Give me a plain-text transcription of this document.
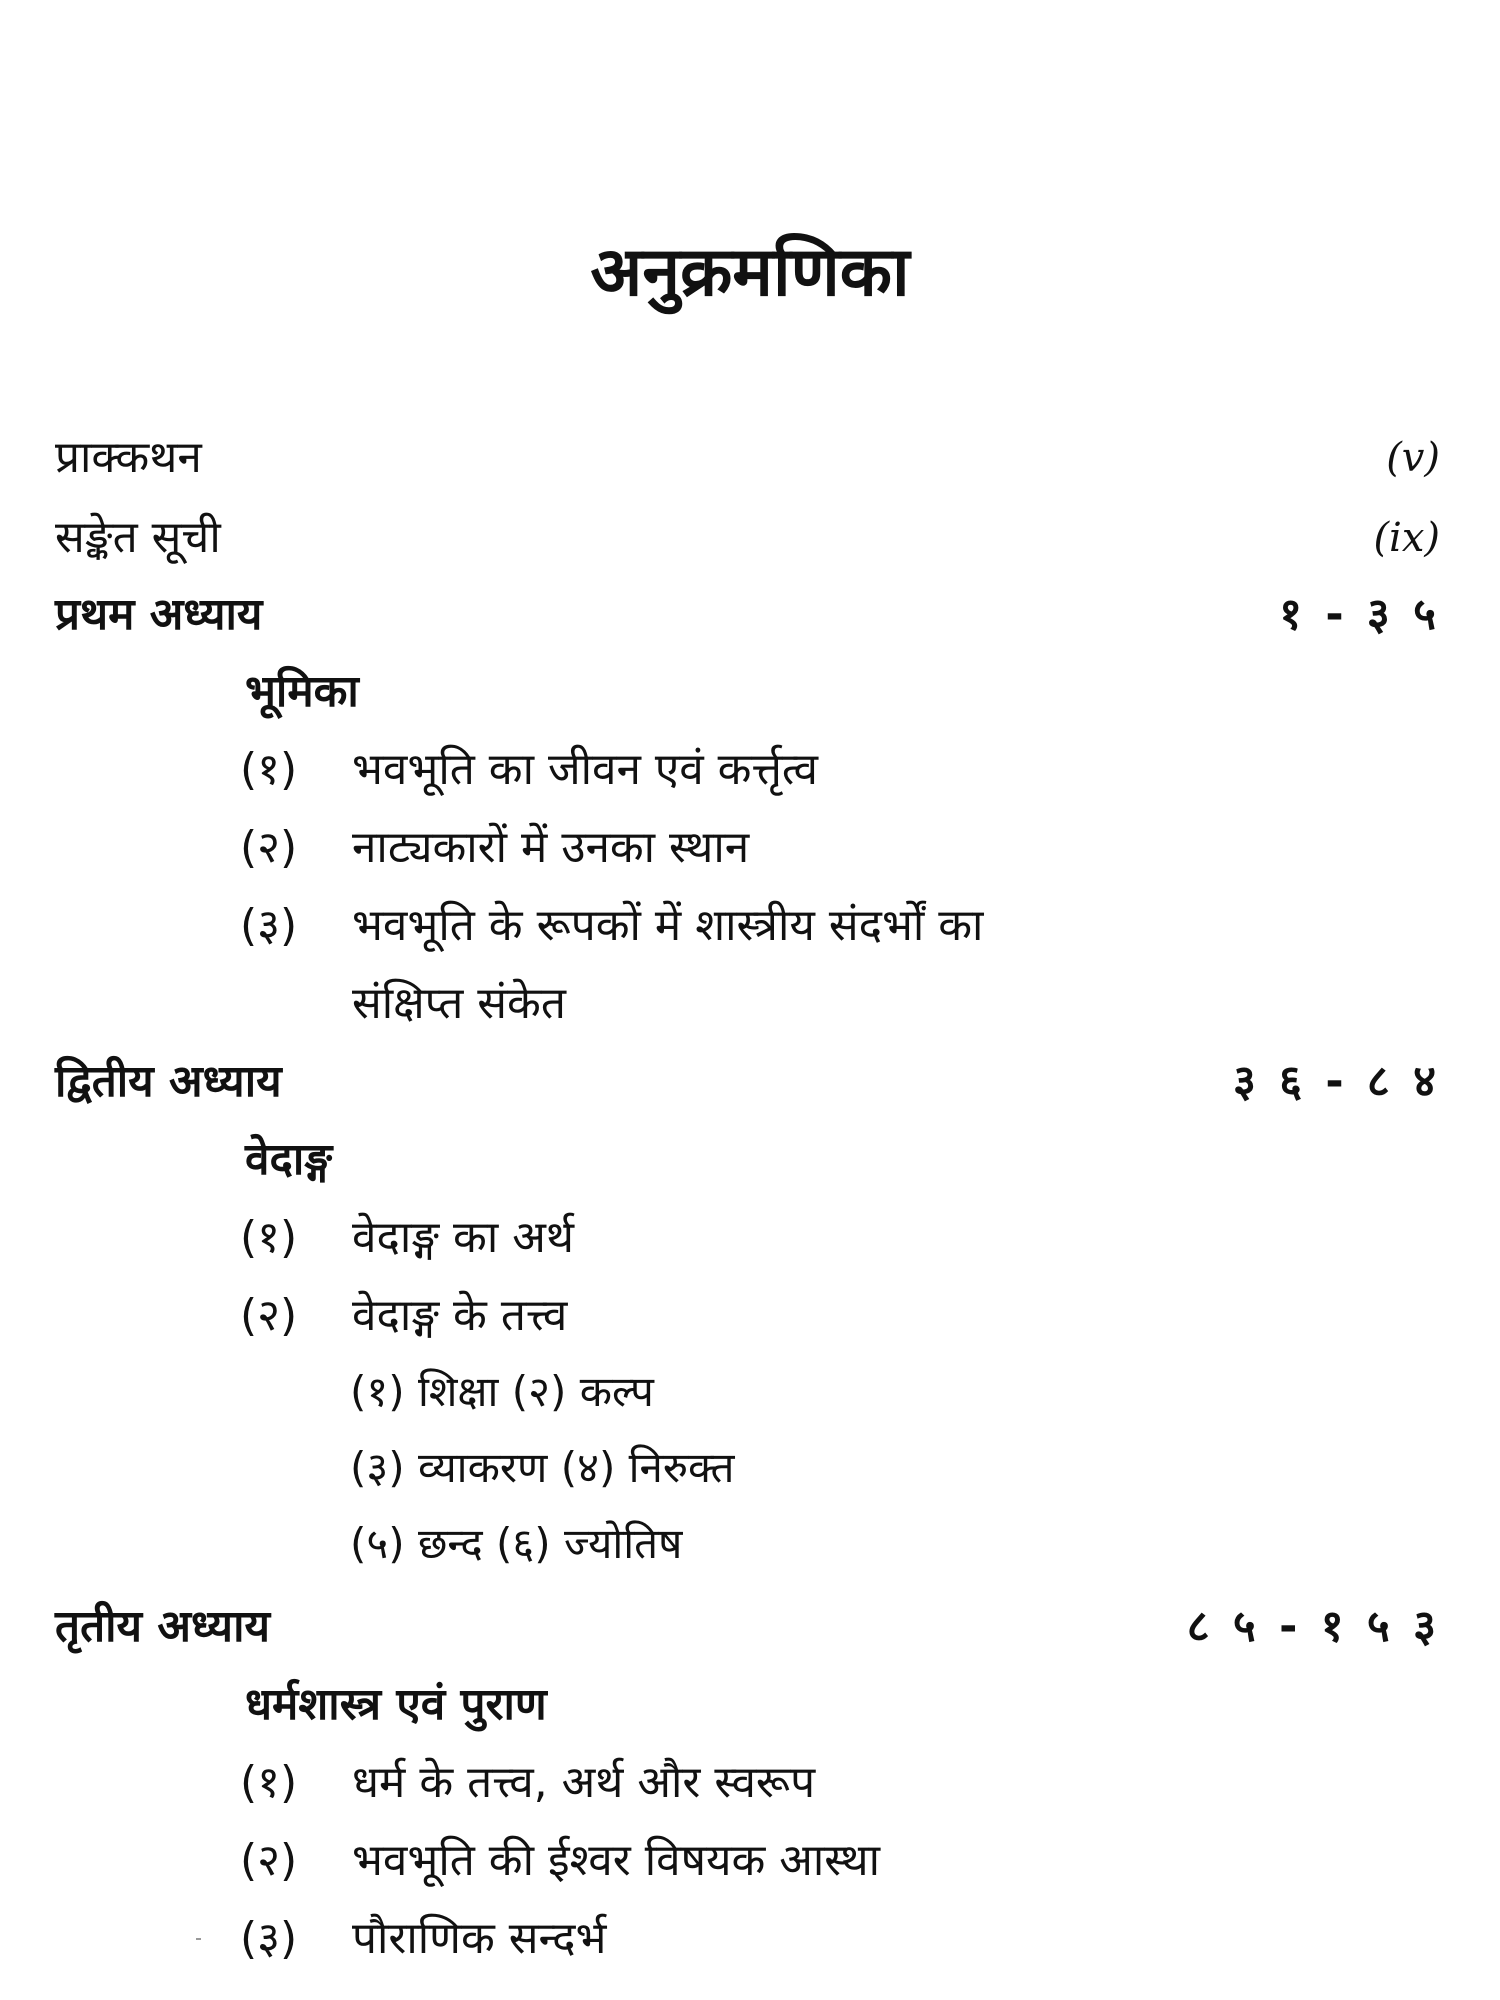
अनुक्रमणिका
प्राक्कथन	(v)
सङ्केत सूची	(ix)
प्रथम अध्याय	१ - ३ ५
भूमिका
(१) भवभूति का जीवन एवं कर्त्तृत्व
(२) नाट्यकारों में उनका स्थान
(३) भवभूति के रूपकों में शास्त्रीय संदर्भों का
संक्षिप्त संकेत
द्वितीय अध्याय	३ ६ - ८ ४
वेदाङ्ग
(१) वेदाङ्ग का अर्थ
(२) वेदाङ्ग के तत्त्व
(१) शिक्षा (२) कल्प
(३) व्याकरण (४) निरुक्त
(५) छन्द (६) ज्योतिष
तृतीय अध्याय	८ ५ - १ ५ ३
धर्मशास्त्र एवं पुराण
(१) धर्म के तत्त्व, अर्थ और स्वरूप
(२) भवभूति की ईश्वर विषयक आस्था
(३) पौराणिक सन्दर्भ
